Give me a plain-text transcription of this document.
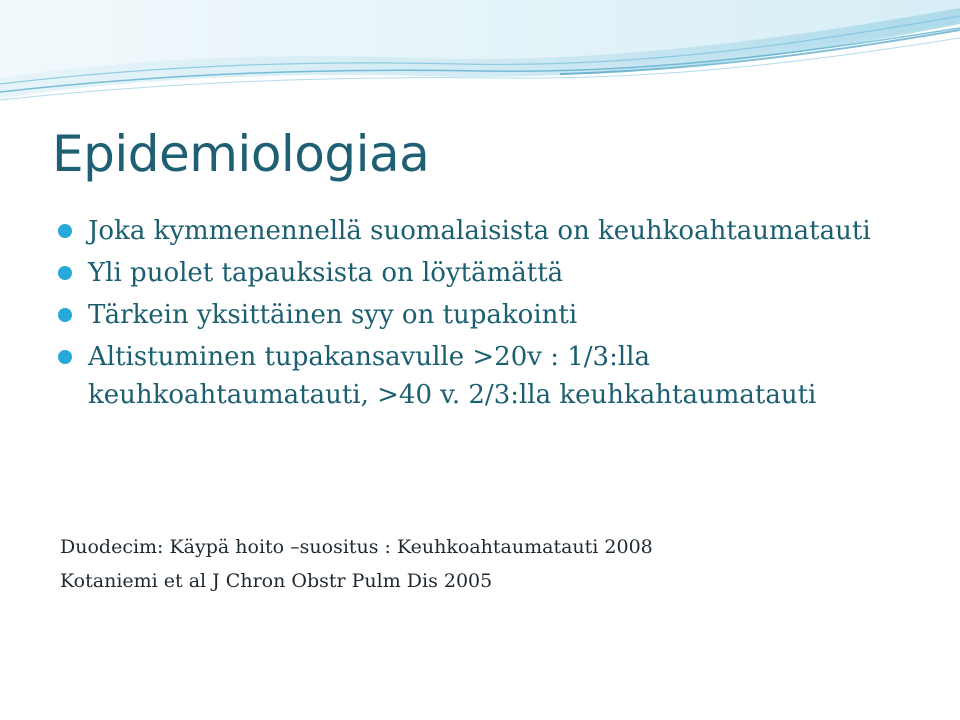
Epidemiologiaa
Joka kymmenennellä suomalaisista on keuhkoahtaumatauti
Yli puolet tapauksista on löytämättä
Tärkein yksittäinen syy on tupakointi
Altistuminen tupakansavulle >20v : 1/3:lla keuhkoahtaumatauti, >40 v. 2/3:lla keuhkahtaumatauti

Duodecim: Käypä hoito –suositus : Keuhkoahtaumatauti 2008

Kotaniemi et al J Chron Obstr Pulm Dis 2005
